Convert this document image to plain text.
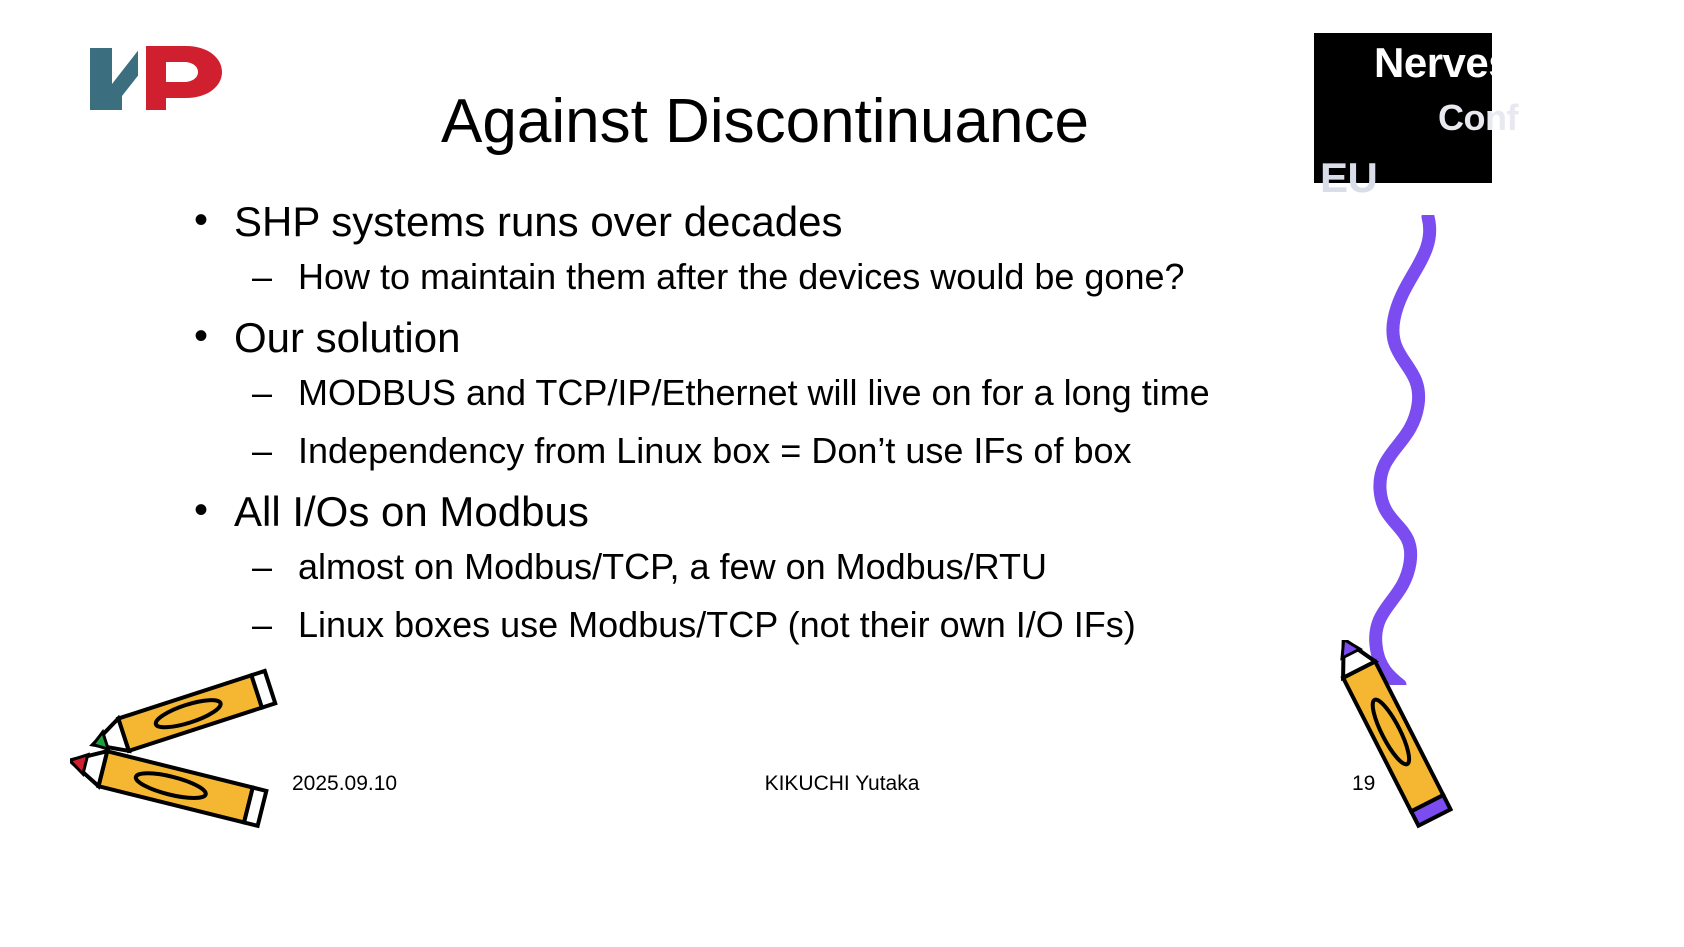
Nerves
Conf
EU
Against Discontinuance
• SHP systems runs over decades
– How to maintain them after the devices would be gone?
• Our solution
– MODBUS and TCP/IP/Ethernet will live on for a long time
– Independency from Linux box = Don’t use IFs of box
• All I/Os on Modbus
– almost on Modbus/TCP, a few on Modbus/RTU
– Linux boxes use Modbus/TCP (not their own I/O IFs)
2025.09.10	KIKUCHI Yutaka	19
